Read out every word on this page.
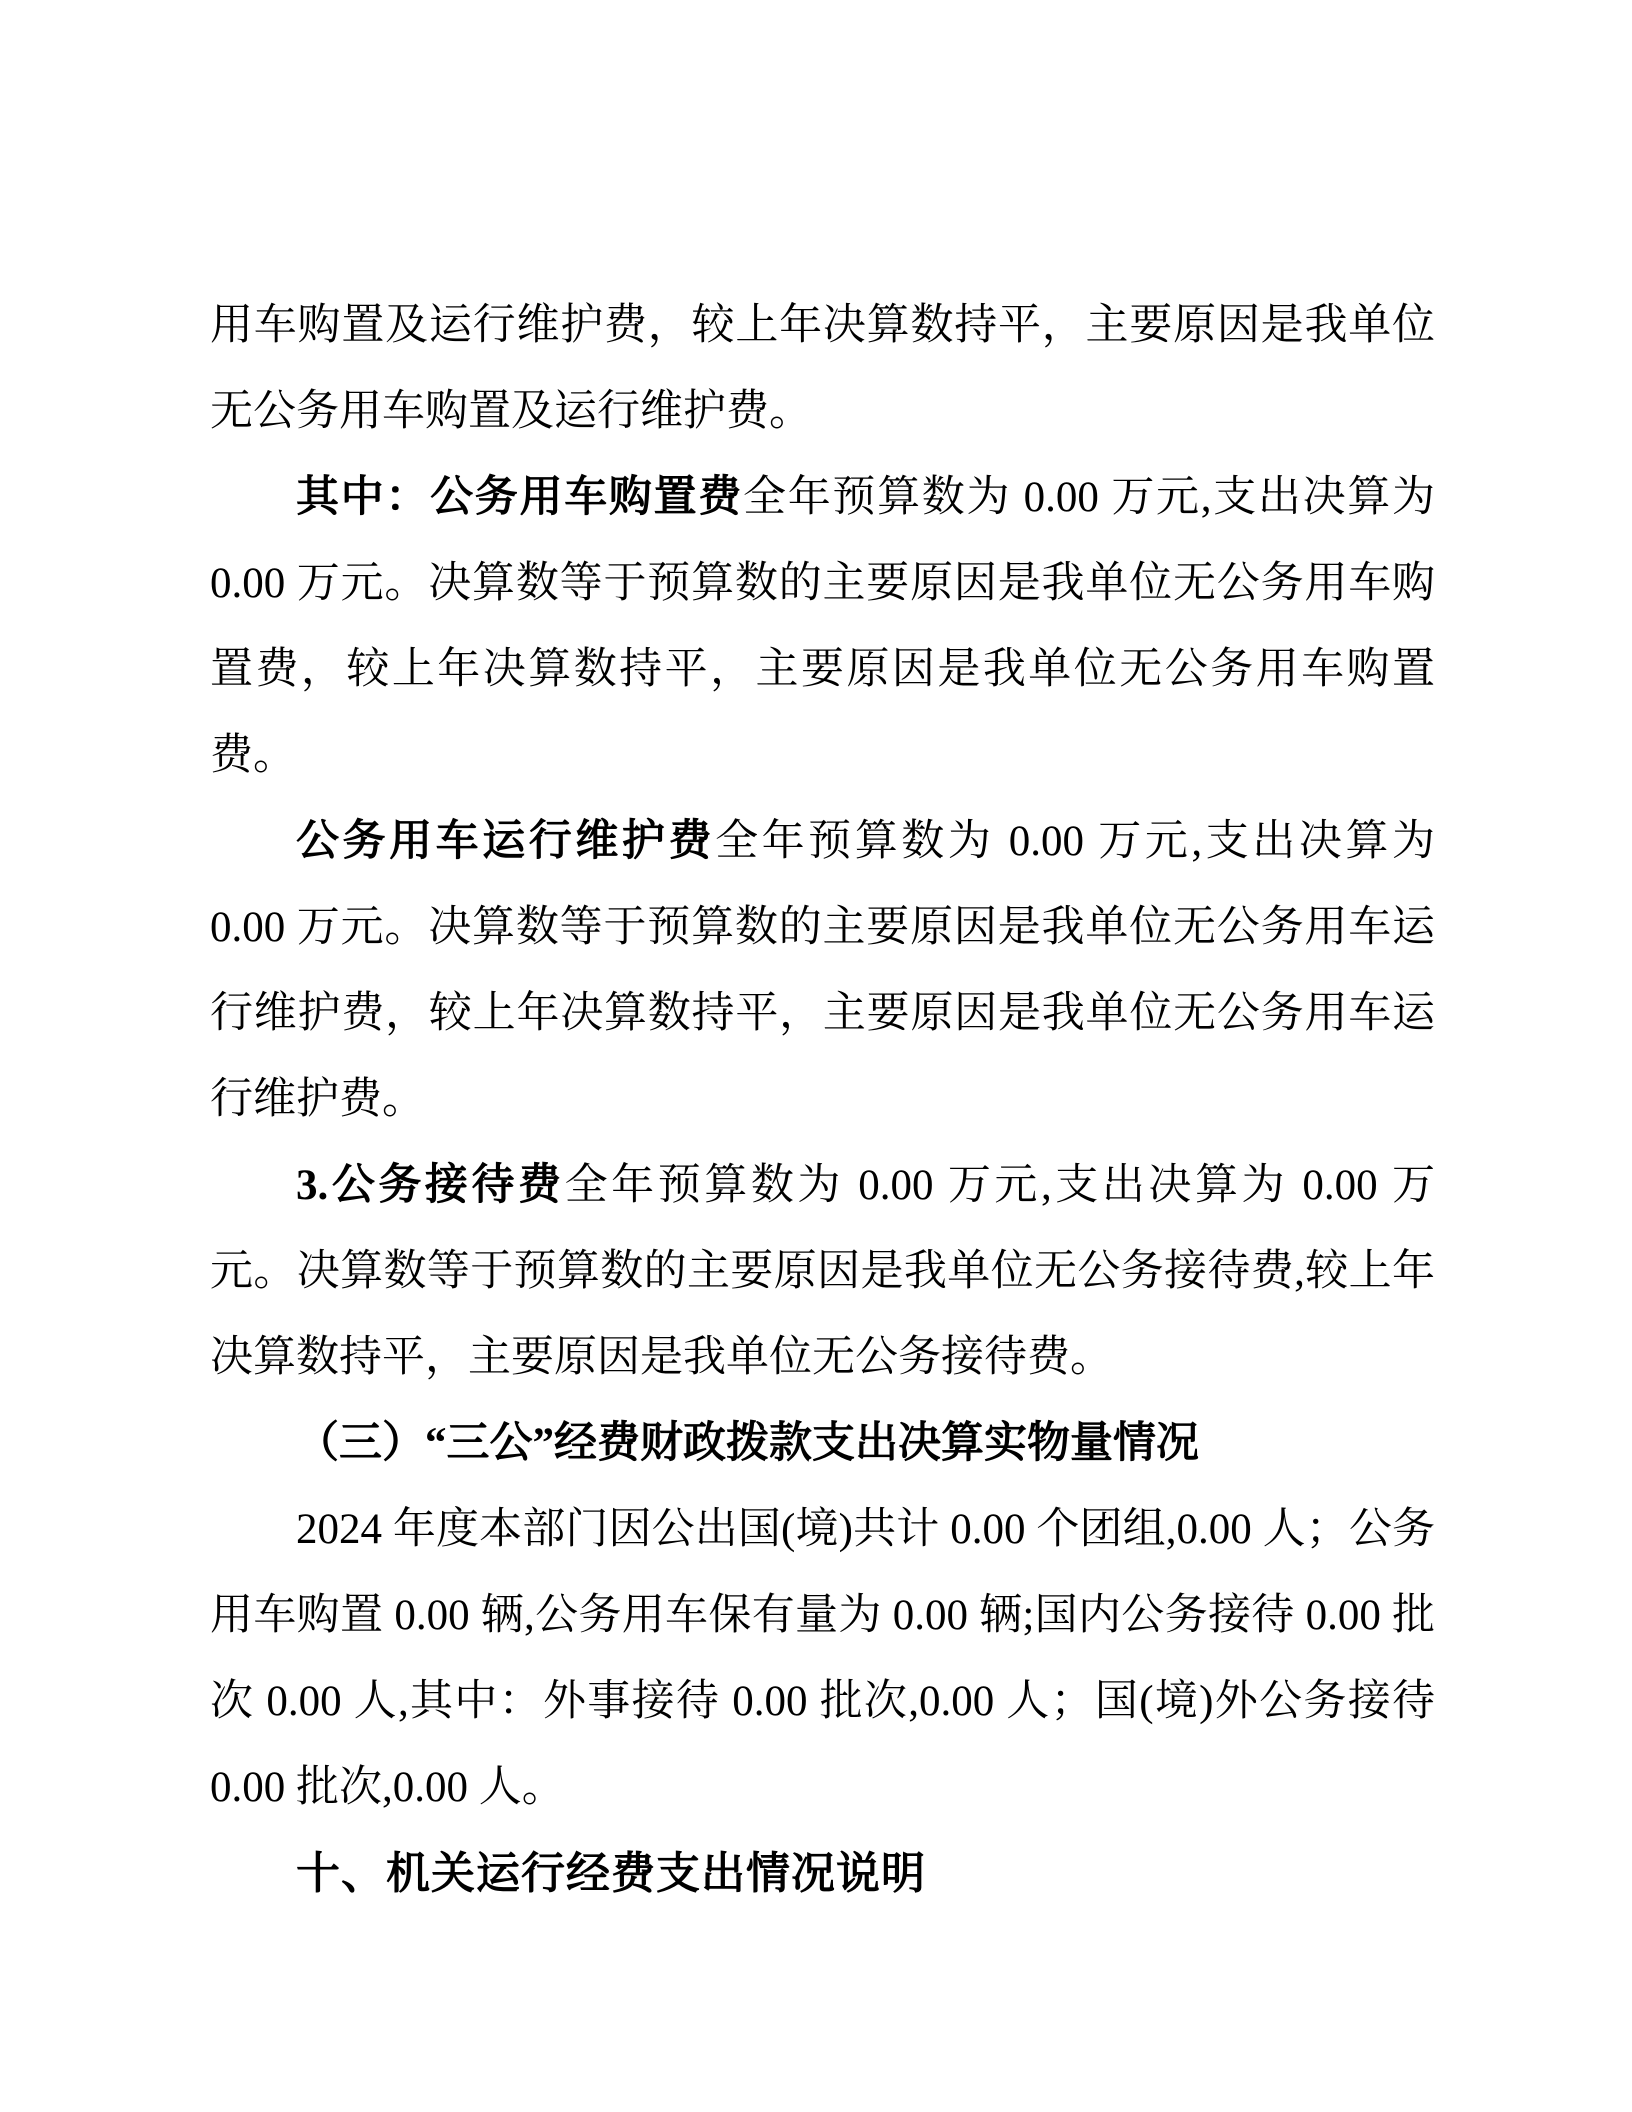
用车购置及运行维护费，较上年决算数持平，主要原因是我单位无公务用车购置及运行维护费。

其中：公务用车购置费全年预算数为 0.00 万元,支出决算为 0.00 万元。决算数等于预算数的主要原因是我单位无公务用车购置费，较上年决算数持平，主要原因是我单位无公务用车购置费。

公务用车运行维护费全年预算数为 0.00 万元,支出决算为 0.00 万元。决算数等于预算数的主要原因是我单位无公务用车运行维护费，较上年决算数持平，主要原因是我单位无公务用车运行维护费。

3.公务接待费全年预算数为 0.00 万元,支出决算为 0.00 万元。决算数等于预算数的主要原因是我单位无公务接待费,较上年决算数持平，主要原因是我单位无公务接待费。

（三）“三公”经费财政拨款支出决算实物量情况

2024 年度本部门因公出国(境)共计 0.00 个团组,0.00 人；公务用车购置 0.00 辆,公务用车保有量为 0.00 辆;国内公务接待 0.00 批次 0.00 人,其中：外事接待 0.00 批次,0.00 人；国(境)外公务接待 0.00 批次,0.00 人。

十、机关运行经费支出情况说明
